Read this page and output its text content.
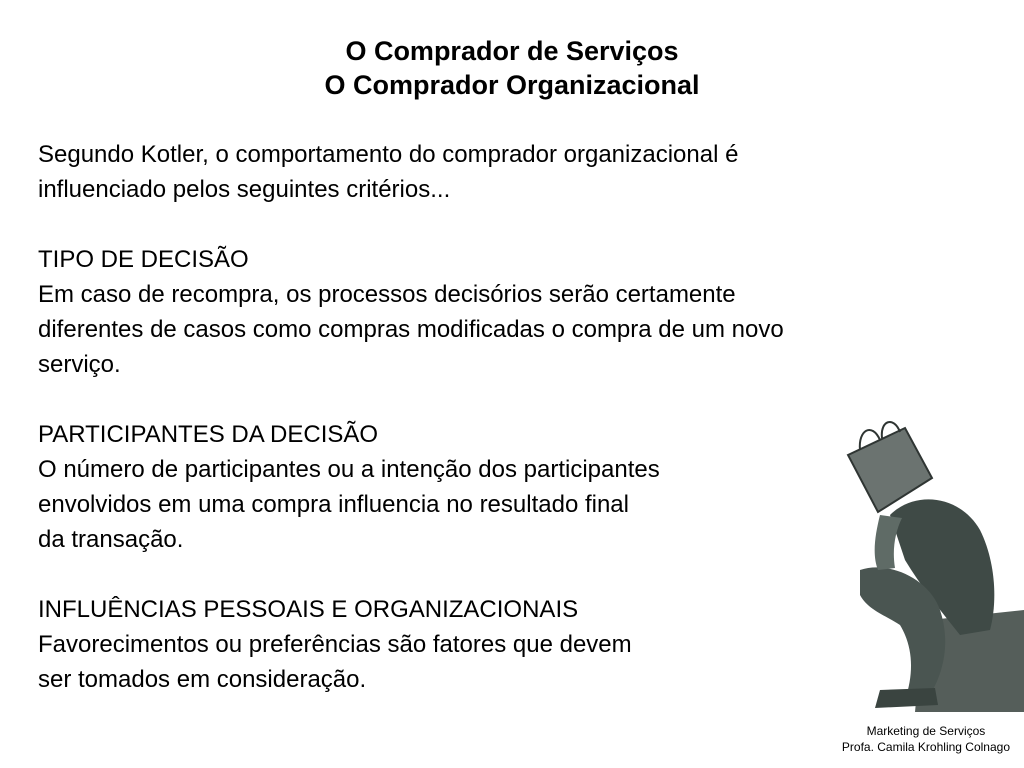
O Comprador de Serviços
O Comprador Organizacional

Segundo Kotler, o comportamento do comprador organizacional é
influenciado pelos seguintes critérios...

TIPO DE DECISÃO
Em caso de recompra, os processos decisórios serão certamente
diferentes de casos como compras modificadas o compra de um novo
serviço.

PARTICIPANTES DA DECISÃO
O número de participantes ou a intenção dos participantes
envolvidos em uma compra influencia no resultado final
da transação.

INFLUÊNCIAS PESSOAIS E ORGANIZACIONAIS
Favorecimentos ou preferências são fatores que devem
ser tomados em consideração.

Marketing de Serviços
Profa. Camila Krohling Colnago
